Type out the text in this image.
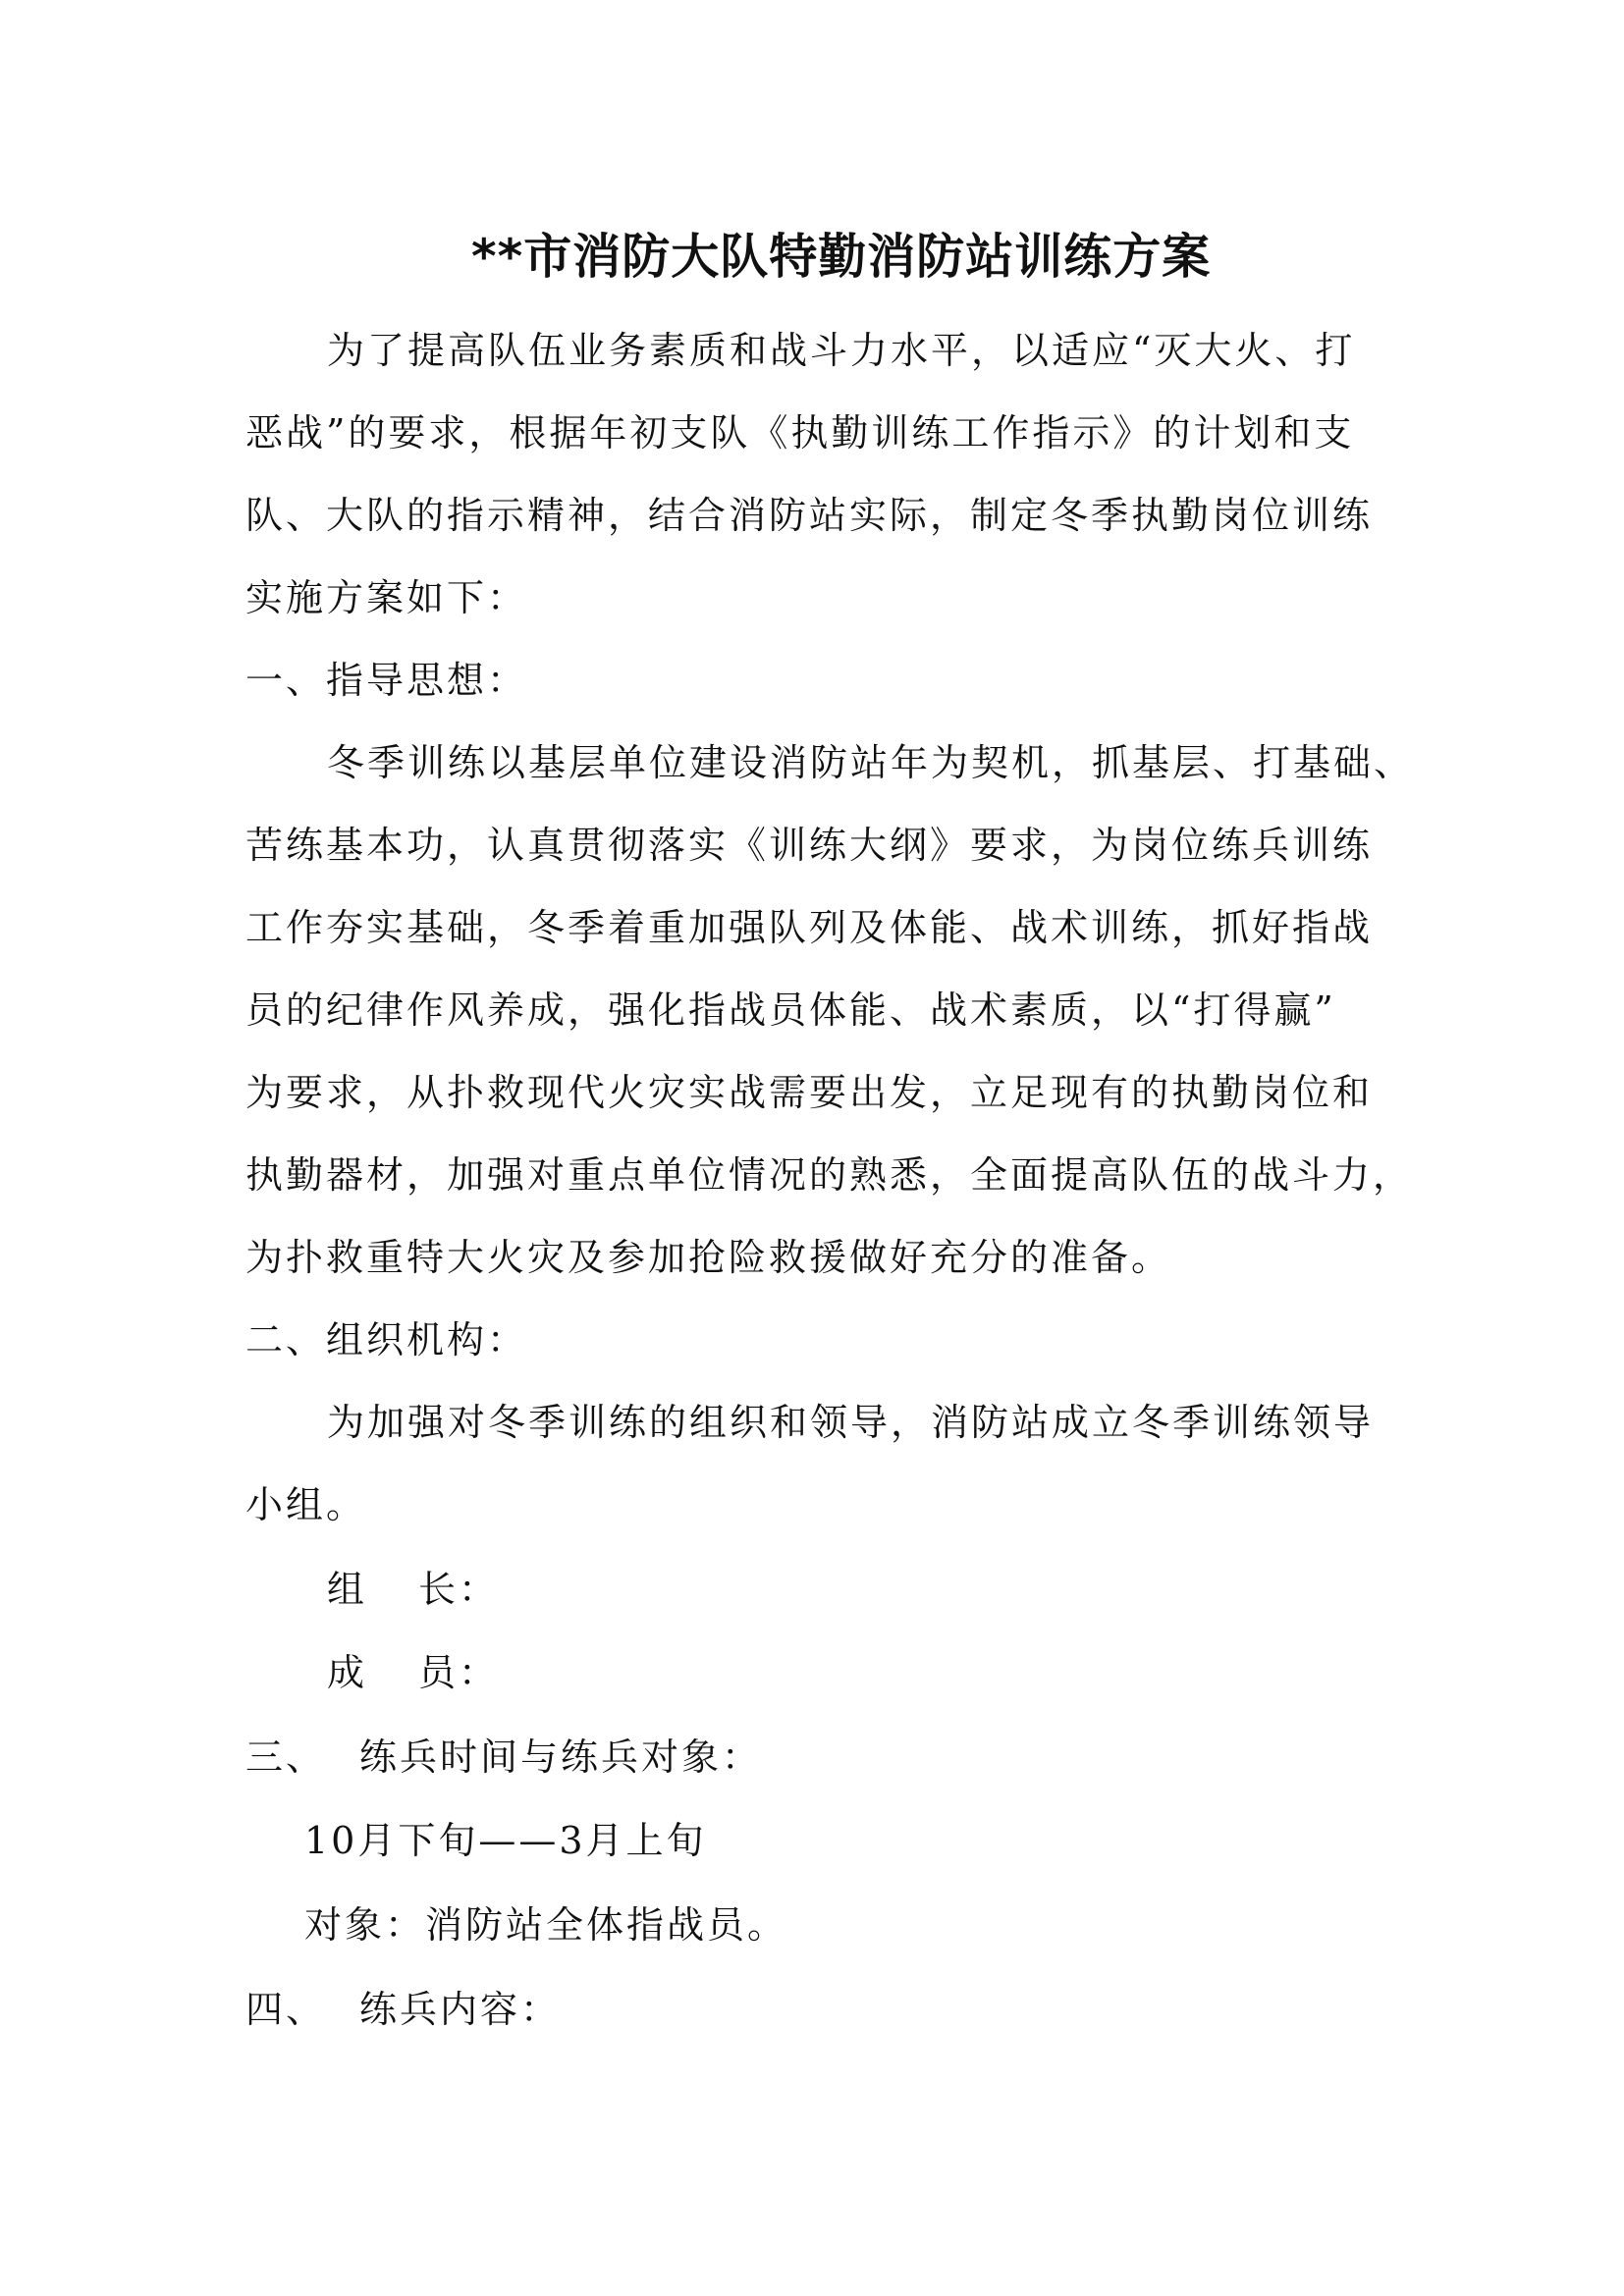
**市消防大队特勤消防站训练方案
为了提高队伍业务素质和战斗力水平，以适应“灭大火、打
恶战”的要求，根据年初支队《执勤训练工作指示》的计划和支
队、大队的指示精神，结合消防站实际，制定冬季执勤岗位训练
实施方案如下：
一、指导思想：
冬季训练以基层单位建设消防站年为契机，抓基层、打基础、
苦练基本功，认真贯彻落实《训练大纲》要求，为岗位练兵训练
工作夯实基础，冬季着重加强队列及体能、战术训练，抓好指战
员的纪律作风养成，强化指战员体能、战术素质，以“打得赢”
为要求，从扑救现代火灾实战需要出发，立足现有的执勤岗位和
执勤器材，加强对重点单位情况的熟悉，全面提高队伍的战斗力，
为扑救重特大火灾及参加抢险救援做好充分的准备。
二、组织机构：
为加强对冬季训练的组织和领导，消防站成立冬季训练领导
小组。
组 长：
成 员：
三、 练兵时间与练兵对象：
10月下旬——3月上旬
对象：消防站全体指战员。
四、 练兵内容：
